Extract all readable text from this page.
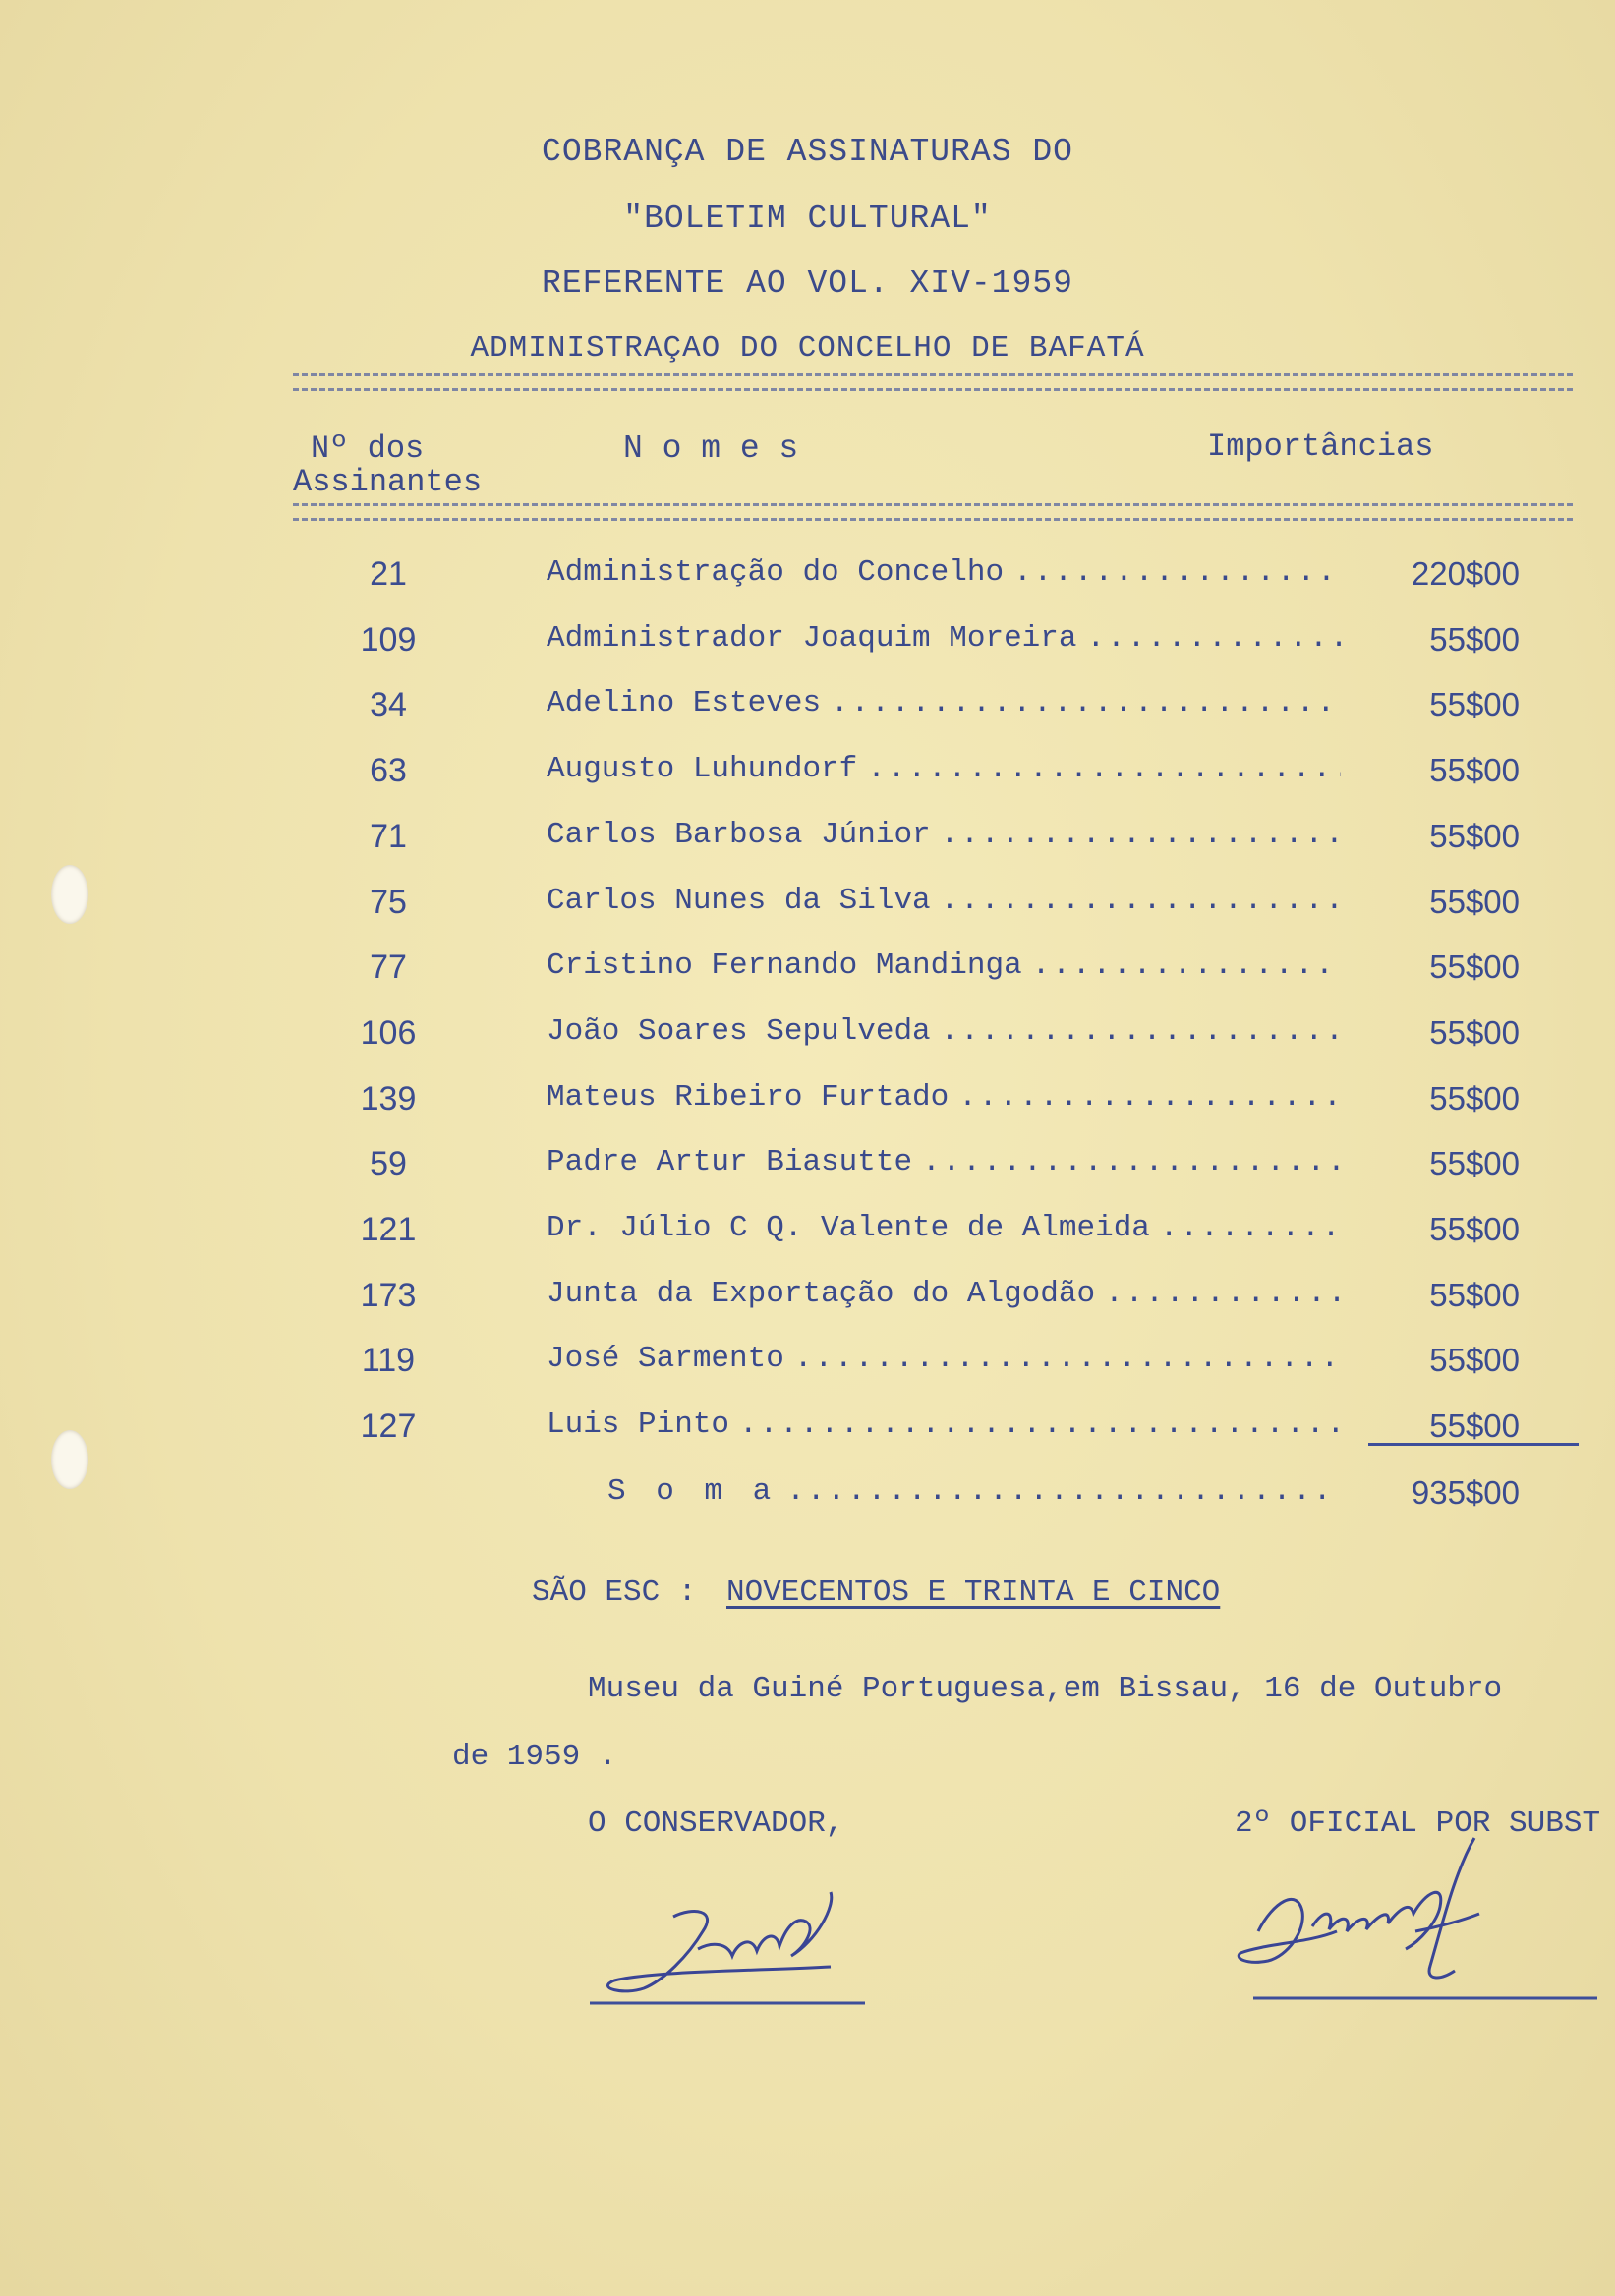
COBRANÇA DE ASSINATURAS DO
"BOLETIM CULTURAL"
REFERENTE AO VOL. XIV-1959
ADMINISTRAÇAO DO CONCELHO DE BAFATÁ
Nº dos
Assinantes
N o m e s	Importâncias
21	Administração do Concelho .....	220$00
109	Administrador Joaquim Moreira .....	55$00
34	Adelino Esteves .....	55$00
63	Augusto Luhundorf .....	55$00
71	Carlos Barbosa Júnior .....	55$00
75	Carlos Nunes da Silva .....	55$00
77	Cristino Fernando Mandinga .....	55$00
106	João Soares Sepulveda .....	55$00
139	Mateus Ribeiro Furtado .....	55$00
59	Padre Artur Biasutte .....	55$00
121	Dr. Júlio C Q. Valente de Almeida .....	55$00
173	Junta da Exportação do Algodão .....	55$00
119	José Sarmento .....	55$00
127	Luis Pinto .....	55$00
S o m a .....	935$00
SÃO ESC : NOVECENTOS E TRINTA E CINCO
Museu da Guiné Portuguesa,em Bissau, 16 de Outubro
de 1959 .
O CONSERVADOR,	2º OFICIAL POR SUBST
